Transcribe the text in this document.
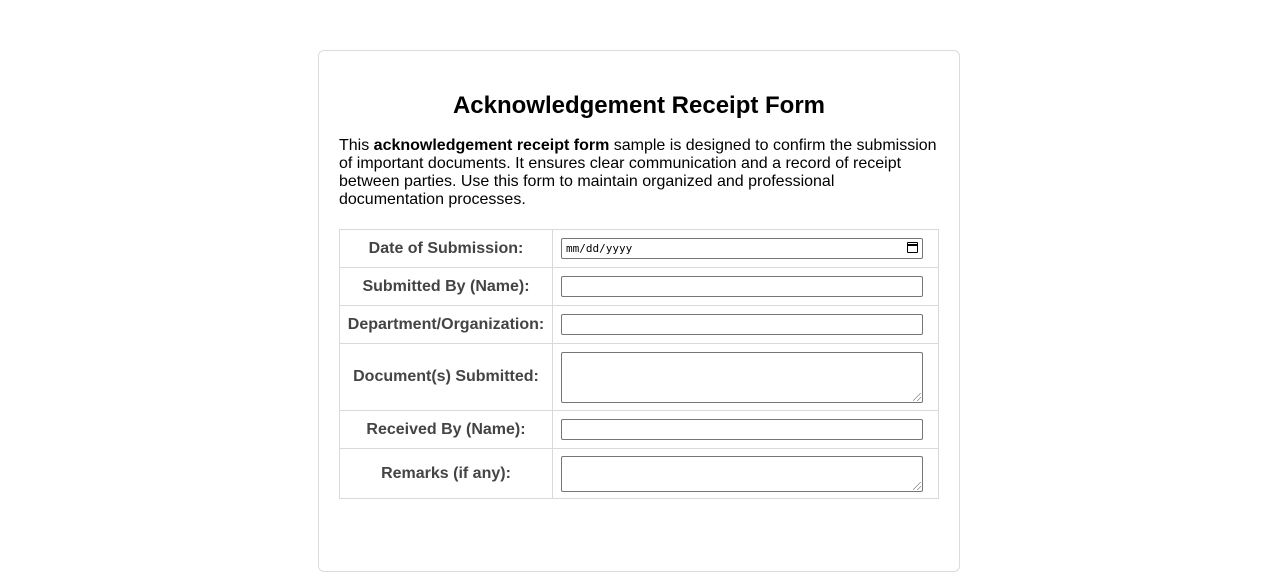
Acknowledgement Receipt Form

This acknowledgement receipt form sample is designed to confirm the submission of important documents. It ensures clear communication and a record of receipt between parties. Use this form to maintain organized and professional documentation processes.

Date of Submission:	mm/dd/yyyy

Submitted By (Name):	

Department/Organization:	

Document(s) Submitted:	

Received By (Name):	

Remarks (if any):	
